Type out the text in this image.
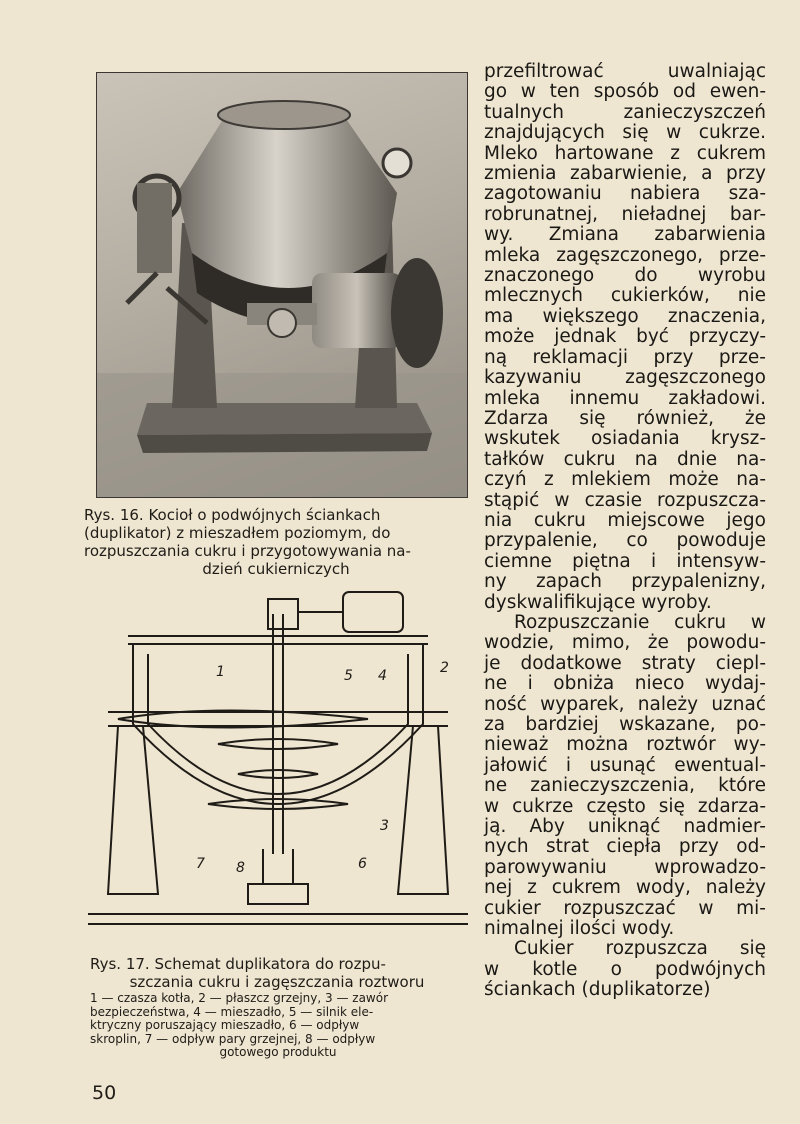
Rys. 16. Kocioł o podwójnych ściankach
(duplikator) z mieszadłem poziomym, do
rozpuszczania cukru i przygotowywania na-
dzień cukierniczych
1	2
3
4
5
6
7 8
Rys. 17. Schemat duplikatora do rozpu-
szczania cukru i zagęszczania roztworu
1 — czasza kotła, 2 — płaszcz grzejny, 3 — zawór
bezpieczeństwa, 4 — mieszadło, 5 — silnik ele-
ktryczny poruszający mieszadło, 6 — odpływ
skroplin, 7 — odpływ pary grzejnej, 8 — odpływ
gotowego produktu
przefiltrować uwalniając
go w ten sposób od ewen-
tualnych zanieczyszczeń
znajdujących się w cukrze.
Mleko hartowane z cukrem
zmienia zabarwienie, a przy
zagotowaniu nabiera sza-
robrunatnej, nieładnej bar-
wy. Zmiana zabarwienia
mleka zagęszczonego, prze-
znaczonego do wyrobu
mlecznych cukierków, nie
ma większego znaczenia,
może jednak być przyczy-
ną reklamacji przy prze-
kazywaniu zagęszczonego
mleka innemu zakładowi.
Zdarza się również, że
wskutek osiadania krysz-
tałków cukru na dnie na-
czyń z mlekiem może na-
stąpić w czasie rozpuszcza-
nia cukru miejscowe jego
przypalenie, co powoduje
ciemne piętna i intensyw-
ny zapach przypalenizny,
dyskwalifikujące wyroby.
Rozpuszczanie cukru w
wodzie, mimo, że powodu-
je dodatkowe straty ciepl-
ne i obniża nieco wydaj-
ność wyparek, należy uznać
za bardziej wskazane, po-
nieważ można roztwór wy-
jałowić i usunąć ewentual-
ne zanieczyszczenia, które
w cukrze często się zdarza-
ją. Aby uniknąć nadmier-
nych strat ciepła przy od-
parowywaniu wprowadzo-
nej z cukrem wody, należy
cukier rozpuszczać w mi-
nimalnej ilości wody.
Cukier rozpuszcza się
w kotle o podwójnych
ściankach (duplikatorze)
50
